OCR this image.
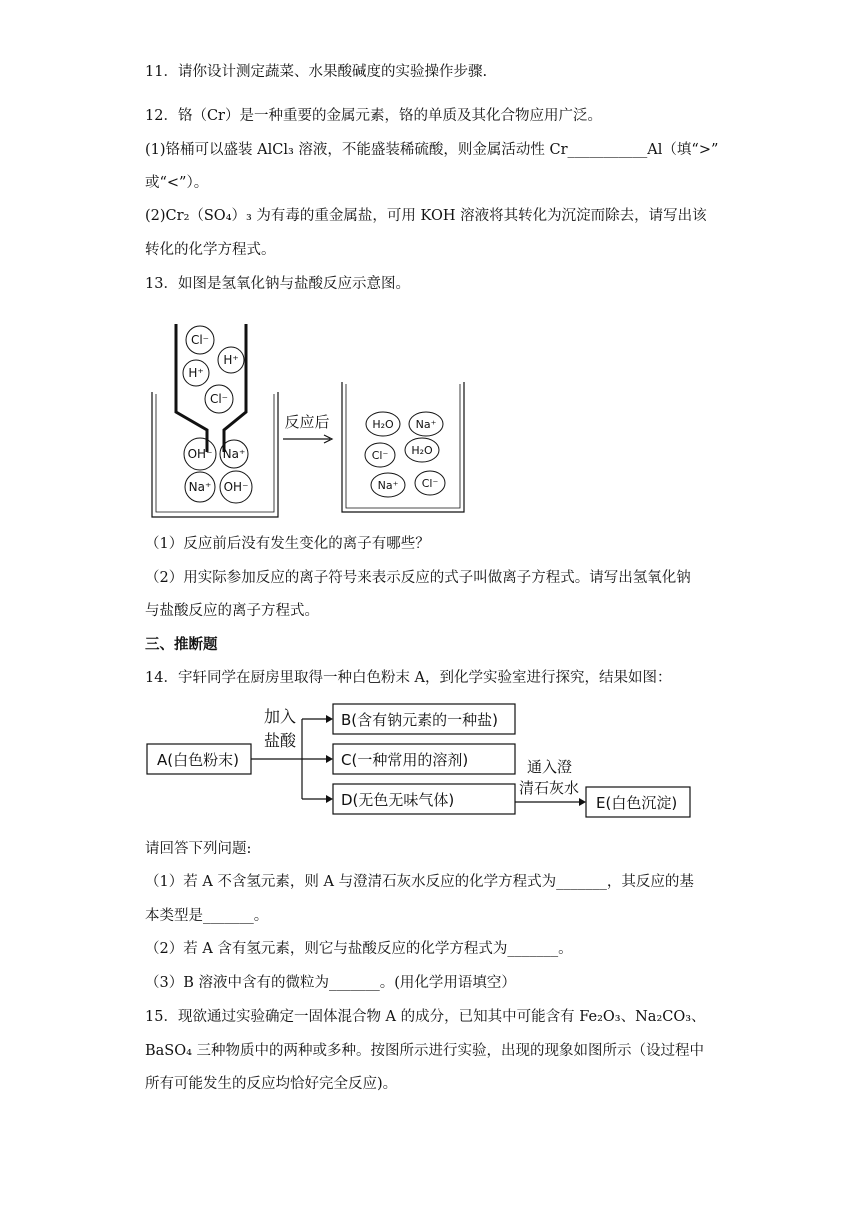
11．请你设计测定蔬菜、水果酸碱度的实验操作步骤.
12．铬（Cr）是一种重要的金属元素，铬的单质及其化合物应用广泛。
(1)铬桶可以盛装 AlCl₃ 溶液，不能盛装稀硫酸，则金属活动性 Cr___________Al（填“>”
或“<”）。
(2)Cr₂（SO₄）₃ 为有毒的重金属盐，可用 KOH 溶液将其转化为沉淀而除去，请写出该
转化的化学方程式。
13．如图是氢氧化钠与盐酸反应示意图。
Cl⁻
H⁺
H⁺
Cl⁻
OH⁻ Na⁺
Na⁺ OH⁻
H₂O Na⁺
Cl⁻ H₂O
Na⁺ Cl⁻
反应后
（1）反应前后没有发生变化的离子有哪些？
（2）用实际参加反应的离子符号来表示反应的式子叫做离子方程式。请写出氢氧化钠
与盐酸反应的离子方程式。
三、推断题
14．宇轩同学在厨房里取得一种白色粉末 A，到化学实验室进行探究，结果如图：
A(白色粉末)
B(含有钠元素的一种盐)
C(一种常用的溶剂)
D(无色无味气体)	E(白色沉淀)
加入
盐酸
通入澄
清石灰水
请回答下列问题:
（1）若 A 不含氢元素，则 A 与澄清石灰水反应的化学方程式为_______，其反应的基
本类型是_______。
（2）若 A 含有氢元素，则它与盐酸反应的化学方程式为_______。
（3）B 溶液中含有的微粒为_______。(用化学用语填空）
15．现欲通过实验确定一固体混合物 A 的成分，已知其中可能含有 Fe₂O₃、Na₂CO₃、
BaSO₄ 三种物质中的两种或多种。按图所示进行实验，出现的现象如图所示（设过程中
所有可能发生的反应均恰好完全反应)。
